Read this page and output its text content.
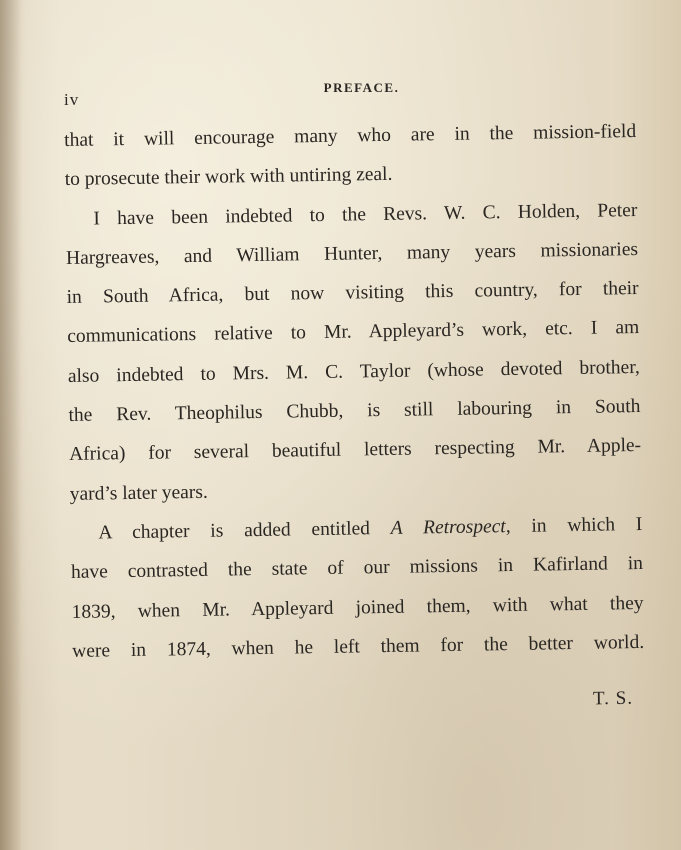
iv
PREFACE.
that it will encourage many who are in the mission-field
to prosecute their work with untiring zeal.
I have been indebted to the Revs. W. C. Holden, Peter
Hargreaves, and William Hunter, many years missionaries
in South Africa, but now visiting this country, for their
communications relative to Mr. Appleyard’s work, etc. I am
also indebted to Mrs. M. C. Taylor (whose devoted brother,
the Rev. Theophilus Chubb, is still labouring in South
Africa) for several beautiful letters respecting Mr. Apple-
yard’s later years.
A chapter is added entitled A Retrospect, in which I
have contrasted the state of our missions in Kafirland in
1839, when Mr. Appleyard joined them, with what they
were in 1874, when he left them for the better world.
T. S.
